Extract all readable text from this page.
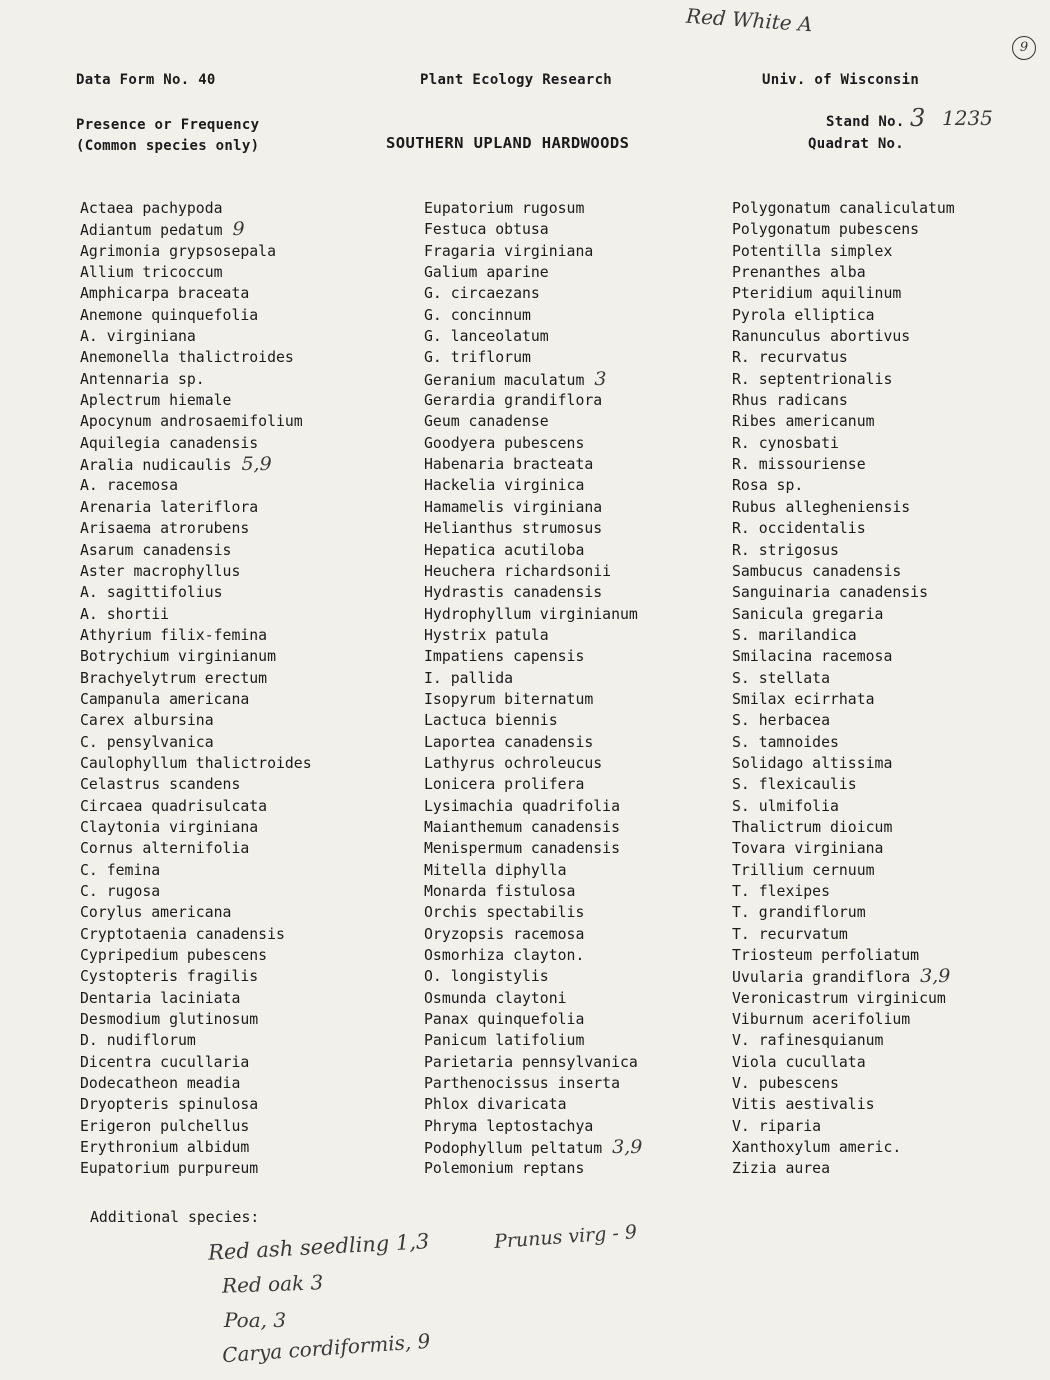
Data Form No. 40	Plant Ecology Research	Univ. of Wisconsin
Presence or Frequency
(Common species only)	SOUTHERN UPLAND HARDWOODS
Stand No.
Quadrat No.
Red White A
9
3 1235
Actaea pachypoda
Adiantum pedatum 9
Agrimonia grypsosepala
Allium tricoccum
Amphicarpa braceata
Anemone quinquefolia
A. virginiana
Anemonella thalictroides
Antennaria sp.
Aplectrum hiemale
Apocynum androsaemifolium
Aquilegia canadensis
Aralia nudicaulis 5,9
A. racemosa
Arenaria lateriflora
Arisaema atrorubens
Asarum canadensis
Aster macrophyllus
A. sagittifolius
A. shortii
Athyrium filix-femina
Botrychium virginianum
Brachyelytrum erectum
Campanula americana
Carex albursina
C. pensylvanica
Caulophyllum thalictroides
Celastrus scandens
Circaea quadrisulcata
Claytonia virginiana
Cornus alternifolia
C. femina
C. rugosa
Corylus americana
Cryptotaenia canadensis
Cypripedium pubescens
Cystopteris fragilis
Dentaria laciniata
Desmodium glutinosum
D. nudiflorum
Dicentra cucullaria
Dodecatheon meadia
Dryopteris spinulosa
Erigeron pulchellus
Erythronium albidum
Eupatorium purpureum
Eupatorium rugosum
Festuca obtusa
Fragaria virginiana
Galium aparine
G. circaezans
G. concinnum
G. lanceolatum
G. triflorum
Geranium maculatum 3
Gerardia grandiflora
Geum canadense
Goodyera pubescens
Habenaria bracteata
Hackelia virginica
Hamamelis virginiana
Helianthus strumosus
Hepatica acutiloba
Heuchera richardsonii
Hydrastis canadensis
Hydrophyllum virginianum
Hystrix patula
Impatiens capensis
I. pallida
Isopyrum biternatum
Lactuca biennis
Laportea canadensis
Lathyrus ochroleucus
Lonicera prolifera
Lysimachia quadrifolia
Maianthemum canadensis
Menispermum canadensis
Mitella diphylla
Monarda fistulosa
Orchis spectabilis
Oryzopsis racemosa
Osmorhiza clayton.
O. longistylis
Osmunda claytoni
Panax quinquefolia
Panicum latifolium
Parietaria pennsylvanica
Parthenocissus inserta
Phlox divaricata
Phryma leptostachya
Podophyllum peltatum 3,9
Polemonium reptans
Polygonatum canaliculatum
Polygonatum pubescens
Potentilla simplex
Prenanthes alba
Pteridium aquilinum
Pyrola elliptica
Ranunculus abortivus
R. recurvatus
R. septentrionalis
Rhus radicans
Ribes americanum
R. cynosbati
R. missouriense
Rosa sp.
Rubus allegheniensis
R. occidentalis
R. strigosus
Sambucus canadensis
Sanguinaria canadensis
Sanicula gregaria
S. marilandica
Smilacina racemosa
S. stellata
Smilax ecirrhata
S. herbacea
S. tamnoides
Solidago altissima
S. flexicaulis
S. ulmifolia
Thalictrum dioicum
Tovara virginiana
Trillium cernuum
T. flexipes
T. grandiflorum
T. recurvatum
Triosteum perfoliatum
Uvularia grandiflora 3,9
Veronicastrum virginicum
Viburnum acerifolium
V. rafinesquianum
Viola cucullata
V. pubescens
Vitis aestivalis
V. riparia
Xanthoxylum americ.
Zizia aurea
Additional species:
Red ash seedling 1,3
Red oak 3
Poa, 3
Carya cordiformis, 9
Prunus virg - 9
